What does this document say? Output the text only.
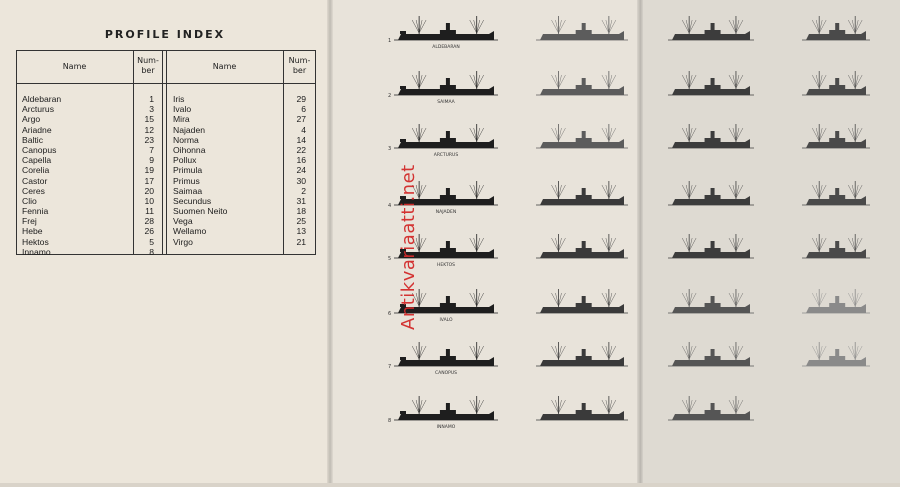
PROFILE INDEX
Name
Num-
ber	Name
Num-
ber
Aldebaran
Arcturus
Argo
Ariadne
Baltic
Canopus
Capella
Corelia
Castor
Ceres
Clio
Fennia
Frej
Hebe
Hektos
Innamo
1
3
15
12
23
7
9
19
17
20
10
11
28
26
5
8
Iris
Ivalo
Mira
Najaden
Norma
Oihonna
Pollux
Primula
Primus
Saimaa
Secundus
Suomen Neito
Vega
Wellamo
Virgo
29
6
27
4
14
22
16
24
30
2
31
18
25
13
21
1
ALDEBARAN
2
SAIMAA
3
ARCTURUS
4
NAJADEN
5
HEKTOS
6
IVALO
7
CANOPUS
8
INNAMO
Antikvariaatti.net
